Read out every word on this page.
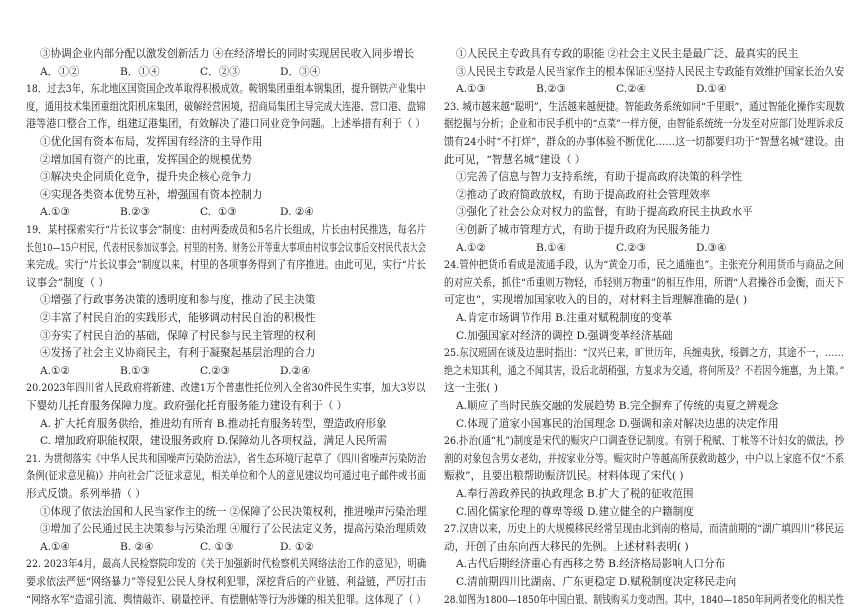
③协调企业内部分配以激发创新活力 ④在经济增长的同时实现居民收入同步增长
A．①②	B．①④	C．②③	D．③④
18．过去3年，东北地区国资国企改革取得积极成效。鞍钢集团重组本钢集团，提升钢铁产业集中
度，通用技术集团重组沈阳机床集团，破解经营困境，招商局集团主导完成大连港、营口港、盘锦
港等港口整合工作，组建辽港集团，有效解决了港口同业竞争问题。上述举措有利于（ ）
①优化国有资本布局，发挥国有经济的主导作用
②增加国有资产的比重，发挥国企的规模优势
③解决央企同质化竞争，提升央企核心竞争力
④实现各类资本优势互补，增强国有资本控制力
A.①③	B.②③	C.  ①③	D. ②④
19．某村探索实行“片长议事会”制度：由村两委成员和5名片长组成，片长由村民推选，每名片
长包10—15户村民，代表村民参加议事会。村里的村务、财务公开等重大事项由村议事会议事后交村民代表大会
来完成。实行“片长议事会”制度以来，村里的各项事务得到了有序推进。由此可见，实行“片长
议事会”制度（ ）
①增强了行政事务决策的透明度和参与度，推动了民主决策
②丰富了村民自治的实践形式，能够调动村民自治的积极性
③夯实了村民自治的基础，保障了村民参与民主管理的权利
④发扬了社会主义协商民主，有利于凝聚起基层治理的合力
A.①②	B.①③	C.②③	D.②④
20.2023年四川省人民政府将新建、改建1万个普惠性托位列入全省30件民生实事，加大3岁以
下婴幼儿托育服务保障力度。政府强化托育服务能力建设有利于（ ）
A. 扩大托育服务供给，推进幼有所育 B.推动托育服务转型，塑造政府形象
C. 增加政府职能权限，建设服务政府 D.保障幼儿各项权益，满足人民所需
21. 为贯彻落实《中华人民共和国噪声污染防治法》，省生态环境厅起草了《四川省噪声污染防治
条例(征求意见稿)》并向社会广泛征求意见，相关单位和个人的意见建议均可通过电子邮件或书面
形式反馈。系列举措（ ）
①体现了依法治国和人民当家作主的统一 ②保障了公民决策权利，推进噪声污染治理
③增加了公民通过民主决策参与污染治理 ④履行了公民法定义务，提高污染治理质效
A.①④	B. ②④	C. ①③	D. ①②
22. 2023年4月，最高人民检察院印发的《关于加强新时代检察机关网络法治工作的意见》，明确
要求依法严惩“网络暴力”等侵犯公民人身权利犯罪，深挖背后的产业链、利益链，严厉打击
“网络水军”造谣引流、舆情敲诈、刷量控评、有偿删帖等行为涉嫌的相关犯罪。这体现了（ ）
①人民民主专政具有专政的职能 ②社会主义民主是最广泛、最真实的民主
③人民民主专政是人民当家作主的根本保证④坚持人民民主专政能有效维护国家长治久安
A.①③	B.②③	C.②④	D.①④
23. 城市越来越“聪明”，生活越来越便捷。智能政务系统如同“千里眼”，通过智能化操作实现数
据挖掘与分析；企业和市民手机中的“点菜”一样方便，由智能系统统一分发至对应部门处理诉求反
馈有24小时“不打烊”，群众的办事体验不断优化……这一切都要归功于“智慧名城”建设。由
此可见，“智慧名城”建设（ ）
①完善了信息与智力支持系统，有助于提高政府决策的科学性
②推动了政府简政放权，有助于提高政府社会管理效率
③强化了社会公众对权力的监督，有助于提高政府民主执政水平
④创新了城市管理方式，有助于提升政府为民服务能力
A.①②	B.①④	C.②③	D.③④
24.管仲把货币看成是流通手段，认为“黄金刀币，民之通施也”。主张充分利用货币与商品之间
的对应关系，抓住“币重则万物轻，币轻则万物重”的相互作用，所谓“人君操谷币金衡，而天下
可定也”，实现增加国家收入的目的，对材料主旨理解准确的是( )
A.肯定市场调节作用 B.注重对赋税制度的变革
C.加强国家对经济的调控 D.强调变革经济基础
25.东汉班固在谈及边患时指出：“汉兴已来，旷世历年，兵缠夷狄，绥御之方，其途不一，……
绝之未知其利，通之不闻其害，设后北胡稍强，方复求为交通，将何所及？不若因今施惠，为上策。”
这一主张( )
A.顺应了当时民族交融的发展趋势 B.完全摒弃了传统的夷夏之辨观念
C.体现了道家小国寡民的治国理念 D.强调和亲对解决边患的决定作用
26.扑治(通“札”)制度是宋代的赈灾户口调查登记制度。有别于税赋、丁帐等不计妇女的做法，抄
割的对象包含男女老幼，并按家业分等。赈灾时户等越高所获救助越少，中户以上家庭不仅“不系
赈救”，且要出粮帮助赈济饥民。材料体现了宋代( )
A.奉行善政养民的执政理念 B.扩大了税的征收范围
C.固化儒家伦理的尊卑等级 D.建立健全的户籍制度
27.汉唐以来，历史上的大规模移民经常呈现由北到南的格局，而清前期的“湖广填四川”移民运
动，开创了由东向西大移民的先例。上述材料表明( )
A.古代后期经济重心有西移之势 B.经济格局影响人口分布
C.清前期四川比湖南、广东更稳定 D.赋税制度决定移民走向
28.如图为1800—1850年中国白银、制钱购买力变动图。其中，1840—1850年间两者变化的相关性
